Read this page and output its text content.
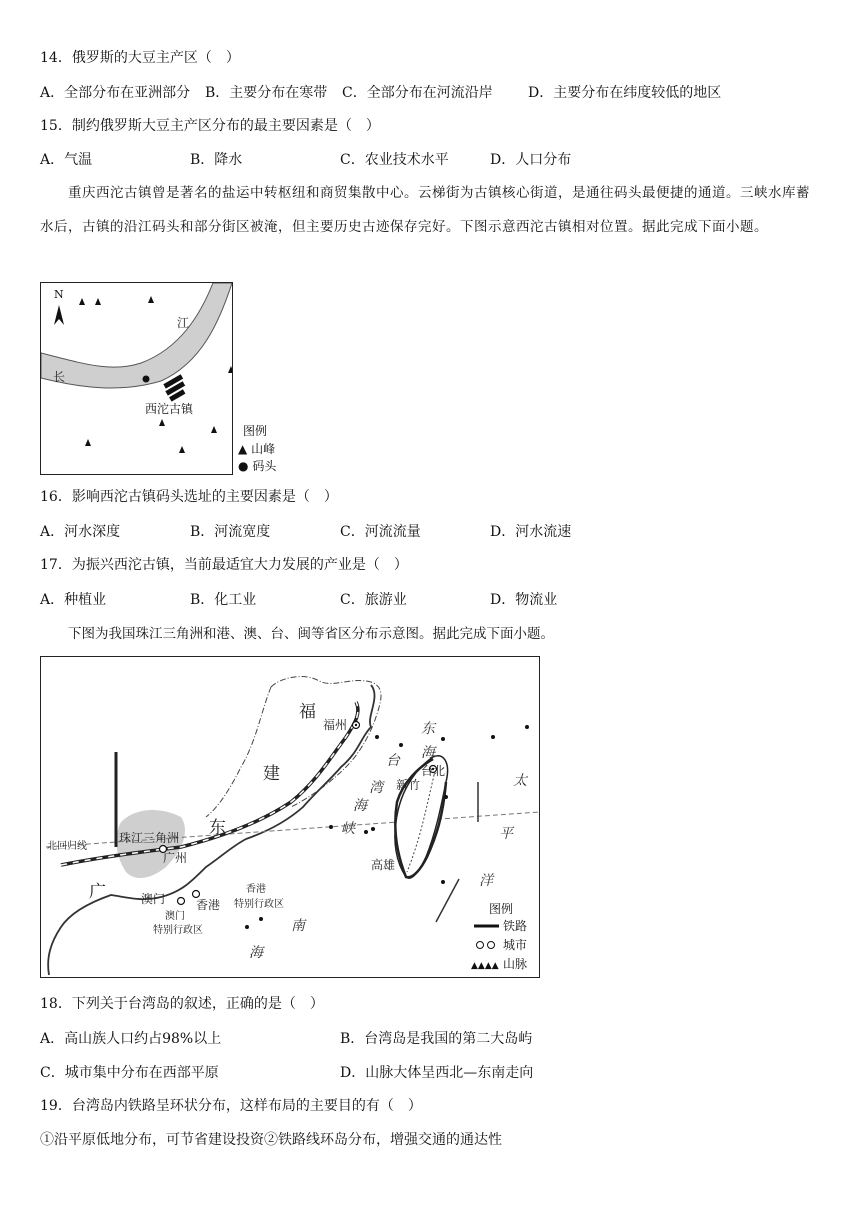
14．俄罗斯的大豆主产区（　）
A．全部分布在亚洲部分 B．主要分布在寒带 C．全部分布在河流沿岸	D．主要分布在纬度较低的地区
15．制约俄罗斯大豆主产区分布的最主要因素是（　）
A．气温	B．降水	C．农业技术水平	D．人口分布
重庆西沱古镇曾是著名的盐运中转枢纽和商贸集散中心。云梯街为古镇核心街道，是通往码头最便捷的通道。三峡水库蓄水后，古镇的沿江码头和部分街区被淹，但主要历史古迹保存完好。下图示意西沱古镇相对位置。据此完成下面小题。
N
江
长
西沱古镇
图例
▲ 山峰
● 码头
16．影响西沱古镇码头选址的主要因素是（　）
A．河水深度	B．河流宽度	C．河流流量	D．河水流速
17．为振兴西沱古镇，当前最适宜大力发展的产业是（　）
A．种植业	B．化工业	C．旅游业	D．物流业
下图为我国珠江三角洲和港、澳、台、闽等省区分布示意图。据此完成下面小题。
福
建
东
广
福州
台北
新竹
高雄
珠江三角洲
广州
澳门	香港
北回归线
香港
特别行政区
澳门
特别行政区
台
湾
海
峡
东
海
太
平
洋
南
海
图例
铁路
城市
▲▲▲▲ 山脉
18．下列关于台湾岛的叙述，正确的是（　）
A．高山族人口约占98%以上	B．台湾岛是我国的第二大岛屿
C．城市集中分布在西部平原	D．山脉大体呈西北—东南走向
19．台湾岛内铁路呈环状分布，这样布局的主要目的有（　）
①沿平原低地分布，可节省建设投资②铁路线环岛分布，增强交通的通达性
